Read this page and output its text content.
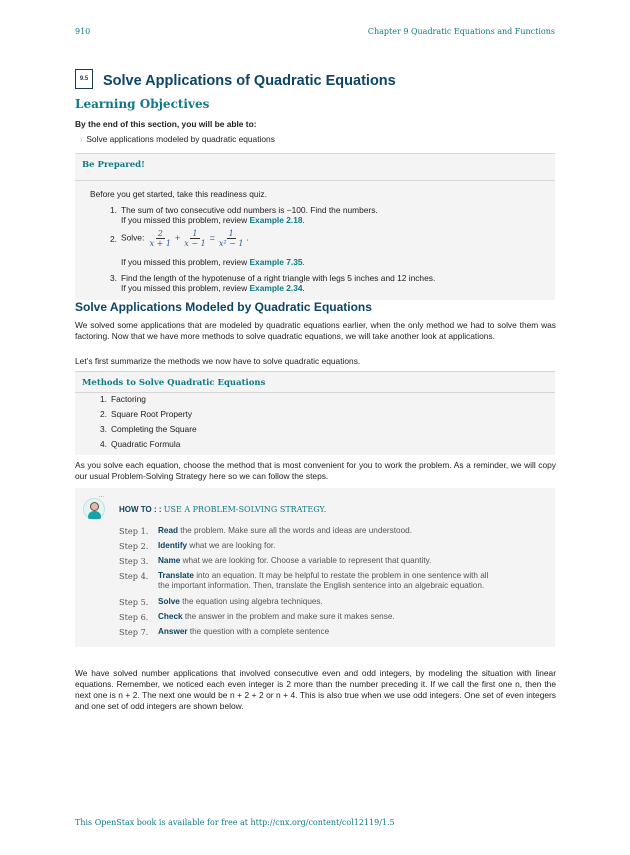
910	Chapter 9 Quadratic Equations and Functions
9.5	Solve Applications of Quadratic Equations
Learning Objectives
By the end of this section, you will be able to:
› Solve applications modeled by quadratic equations
Be Prepared!
Before you get started, take this readiness quiz.
1. The sum of two consecutive odd numbers is −100. Find the numbers.
If you missed this problem, review Example 2.18.
2. Solve: $\frac{2}{x + 1} + \frac{1}{x - 1} = \frac{1}{\text{x² − 1}}$ .
If you missed this problem, review Example 7.35.
3. Find the length of the hypotenuse of a right triangle with legs 5 inches and 12 inches.
If you missed this problem, review Example 2.34.
Solve Applications Modeled by Quadratic Equations
We solved some applications that are modeled by quadratic equations earlier, when the only method we had to solve them was factoring. Now that we have more methods to solve quadratic equations, we will take another look at applications.
Let’s first summarize the methods we now have to solve quadratic equations.
Methods to Solve Quadratic Equations
1. Factoring
2. Square Root Property
3. Completing the Square
4. Quadratic Formula
As you solve each equation, choose the method that is most convenient for you to work the problem. As a reminder, we will copy our usual Problem-Solving Strategy here so we can follow the steps.
...
HOW TO : : USE A PROBLEM-SOLVING STRATEGY.
Step 1. Read the problem. Make sure all the words and ideas are understood.
Step 2. Identify what we are looking for.
Step 3. Name what we are looking for. Choose a variable to represent that quantity.
Step 4. Translate into an equation. It may be helpful to restate the problem in one sentence with all
the important information. Then, translate the English sentence into an algebraic equation.
Step 5. Solve the equation using algebra techniques.
Step 6. Check the answer in the problem and make sure it makes sense.
Step 7. Answer the question with a complete sentence
We have solved number applications that involved consecutive even and odd integers, by modeling the situation with linear equations. Remember, we noticed each even integer is 2 more than the number preceding it. If we call the first one n, then the next one is n + 2. The next one would be n + 2 + 2 or n + 4. This is also true when we use odd integers. One set of even integers and one set of odd integers are shown below.
This OpenStax book is available for free at http://cnx.org/content/col12119/1.5
